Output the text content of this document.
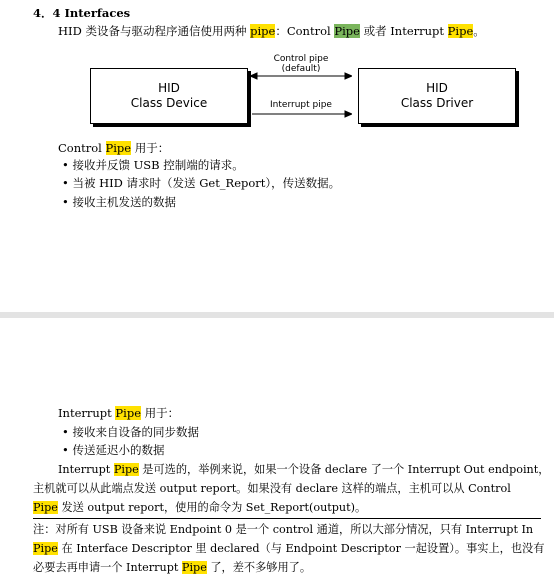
4．4 Interfaces
HID 类设备与驱动程序通信使用两种 pipe：Control Pipe 或者 Interrupt Pipe。
HID
Class Device
HID
Class Driver
Control pipe
(default)
Interrupt pipe
Control Pipe 用于：
• 接收并反馈 USB 控制端的请求。
• 当被 HID 请求时（发送 Get_Report），传送数据。
• 接收主机发送的数据
Interrupt Pipe 用于：
• 接收来自设备的同步数据
• 传送延迟小的数据
Interrupt Pipe 是可选的，举例来说，如果一个设备 declare 了一个 Interrupt Out endpoint，
主机就可以从此端点发送 output report。如果没有 declare 这样的端点，主机可以从 Control
Pipe 发送 output report，使用的命令为 Set_Report(output)。
注：对所有 USB 设备来说 Endpoint 0 是一个 control 通道，所以大部分情况，只有 Interrupt In
Pipe 在 Interface Descriptor 里 declared（与 Endpoint Descriptor 一起设置）。事实上，也没有
必要去再申请一个 Interrupt Pipe 了，差不多够用了。
